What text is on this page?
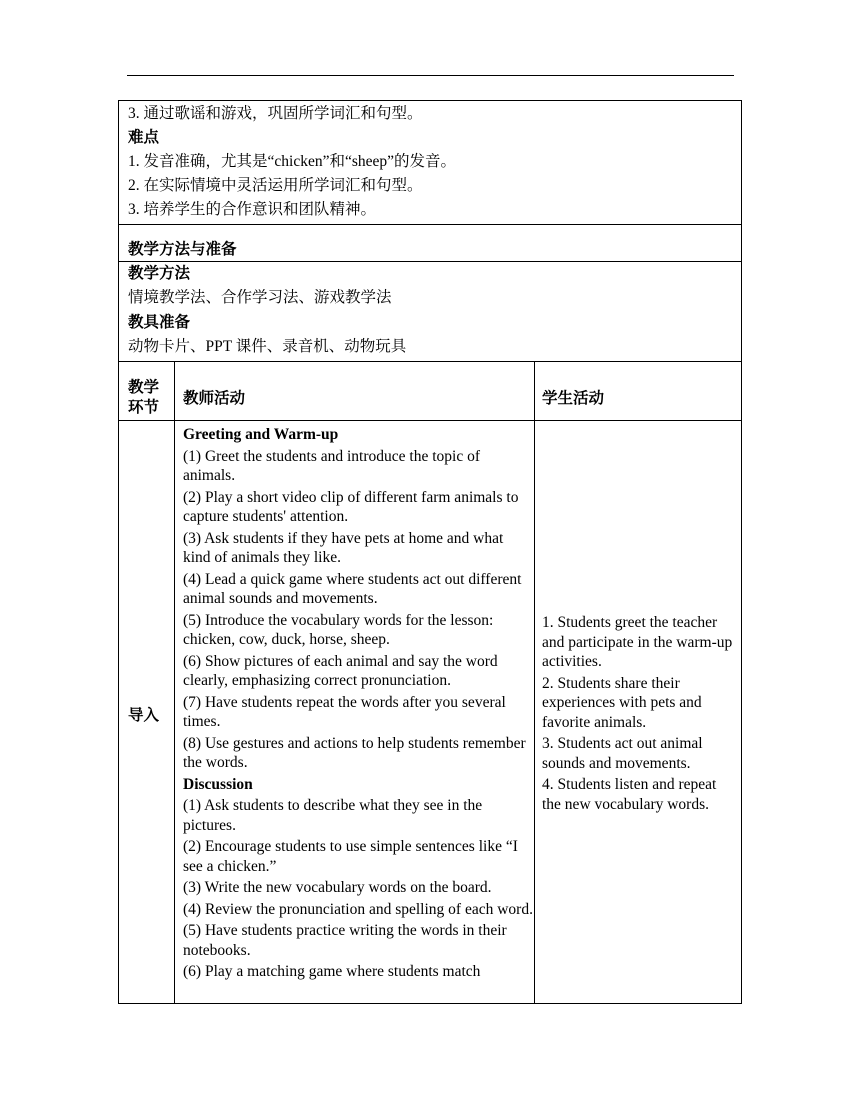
3. 通过歌谣和游戏，巩固所学词汇和句型。
难点
1. 发音准确，尤其是“chicken”和“sheep”的发音。
2. 在实际情境中灵活运用所学词汇和句型。
3. 培养学生的合作意识和团队精神。
教学方法与准备
教学方法
情境教学法、合作学习法、游戏教学法
教具准备
动物卡片、PPT 课件、录音机、动物玩具
教学
环节
教师活动	学生活动
导入
Greeting and Warm-up
(1) Greet the students and introduce the topic of animals.
(2) Play a short video clip of different farm animals to capture students' attention.
(3) Ask students if they have pets at home and what kind of animals they like.
(4) Lead a quick game where students act out different animal sounds and movements.
(5) Introduce the vocabulary words for the lesson: chicken, cow, duck, horse, sheep.
(6) Show pictures of each animal and say the word clearly, emphasizing correct pronunciation.
(7) Have students repeat the words after you several times.
(8) Use gestures and actions to help students remember the words.
Discussion
(1) Ask students to describe what they see in the pictures.
(2) Encourage students to use simple sentences like “I see a chicken.”
(3) Write the new vocabulary words on the board.
(4) Review the pronunciation and spelling of each word.
(5) Have students practice writing the words in their notebooks.
(6) Play a matching game where students match
1. Students greet the teacher and participate in the warm-up activities.
2. Students share their experiences with pets and favorite animals.
3. Students act out animal sounds and movements.
4. Students listen and repeat the new vocabulary words.
